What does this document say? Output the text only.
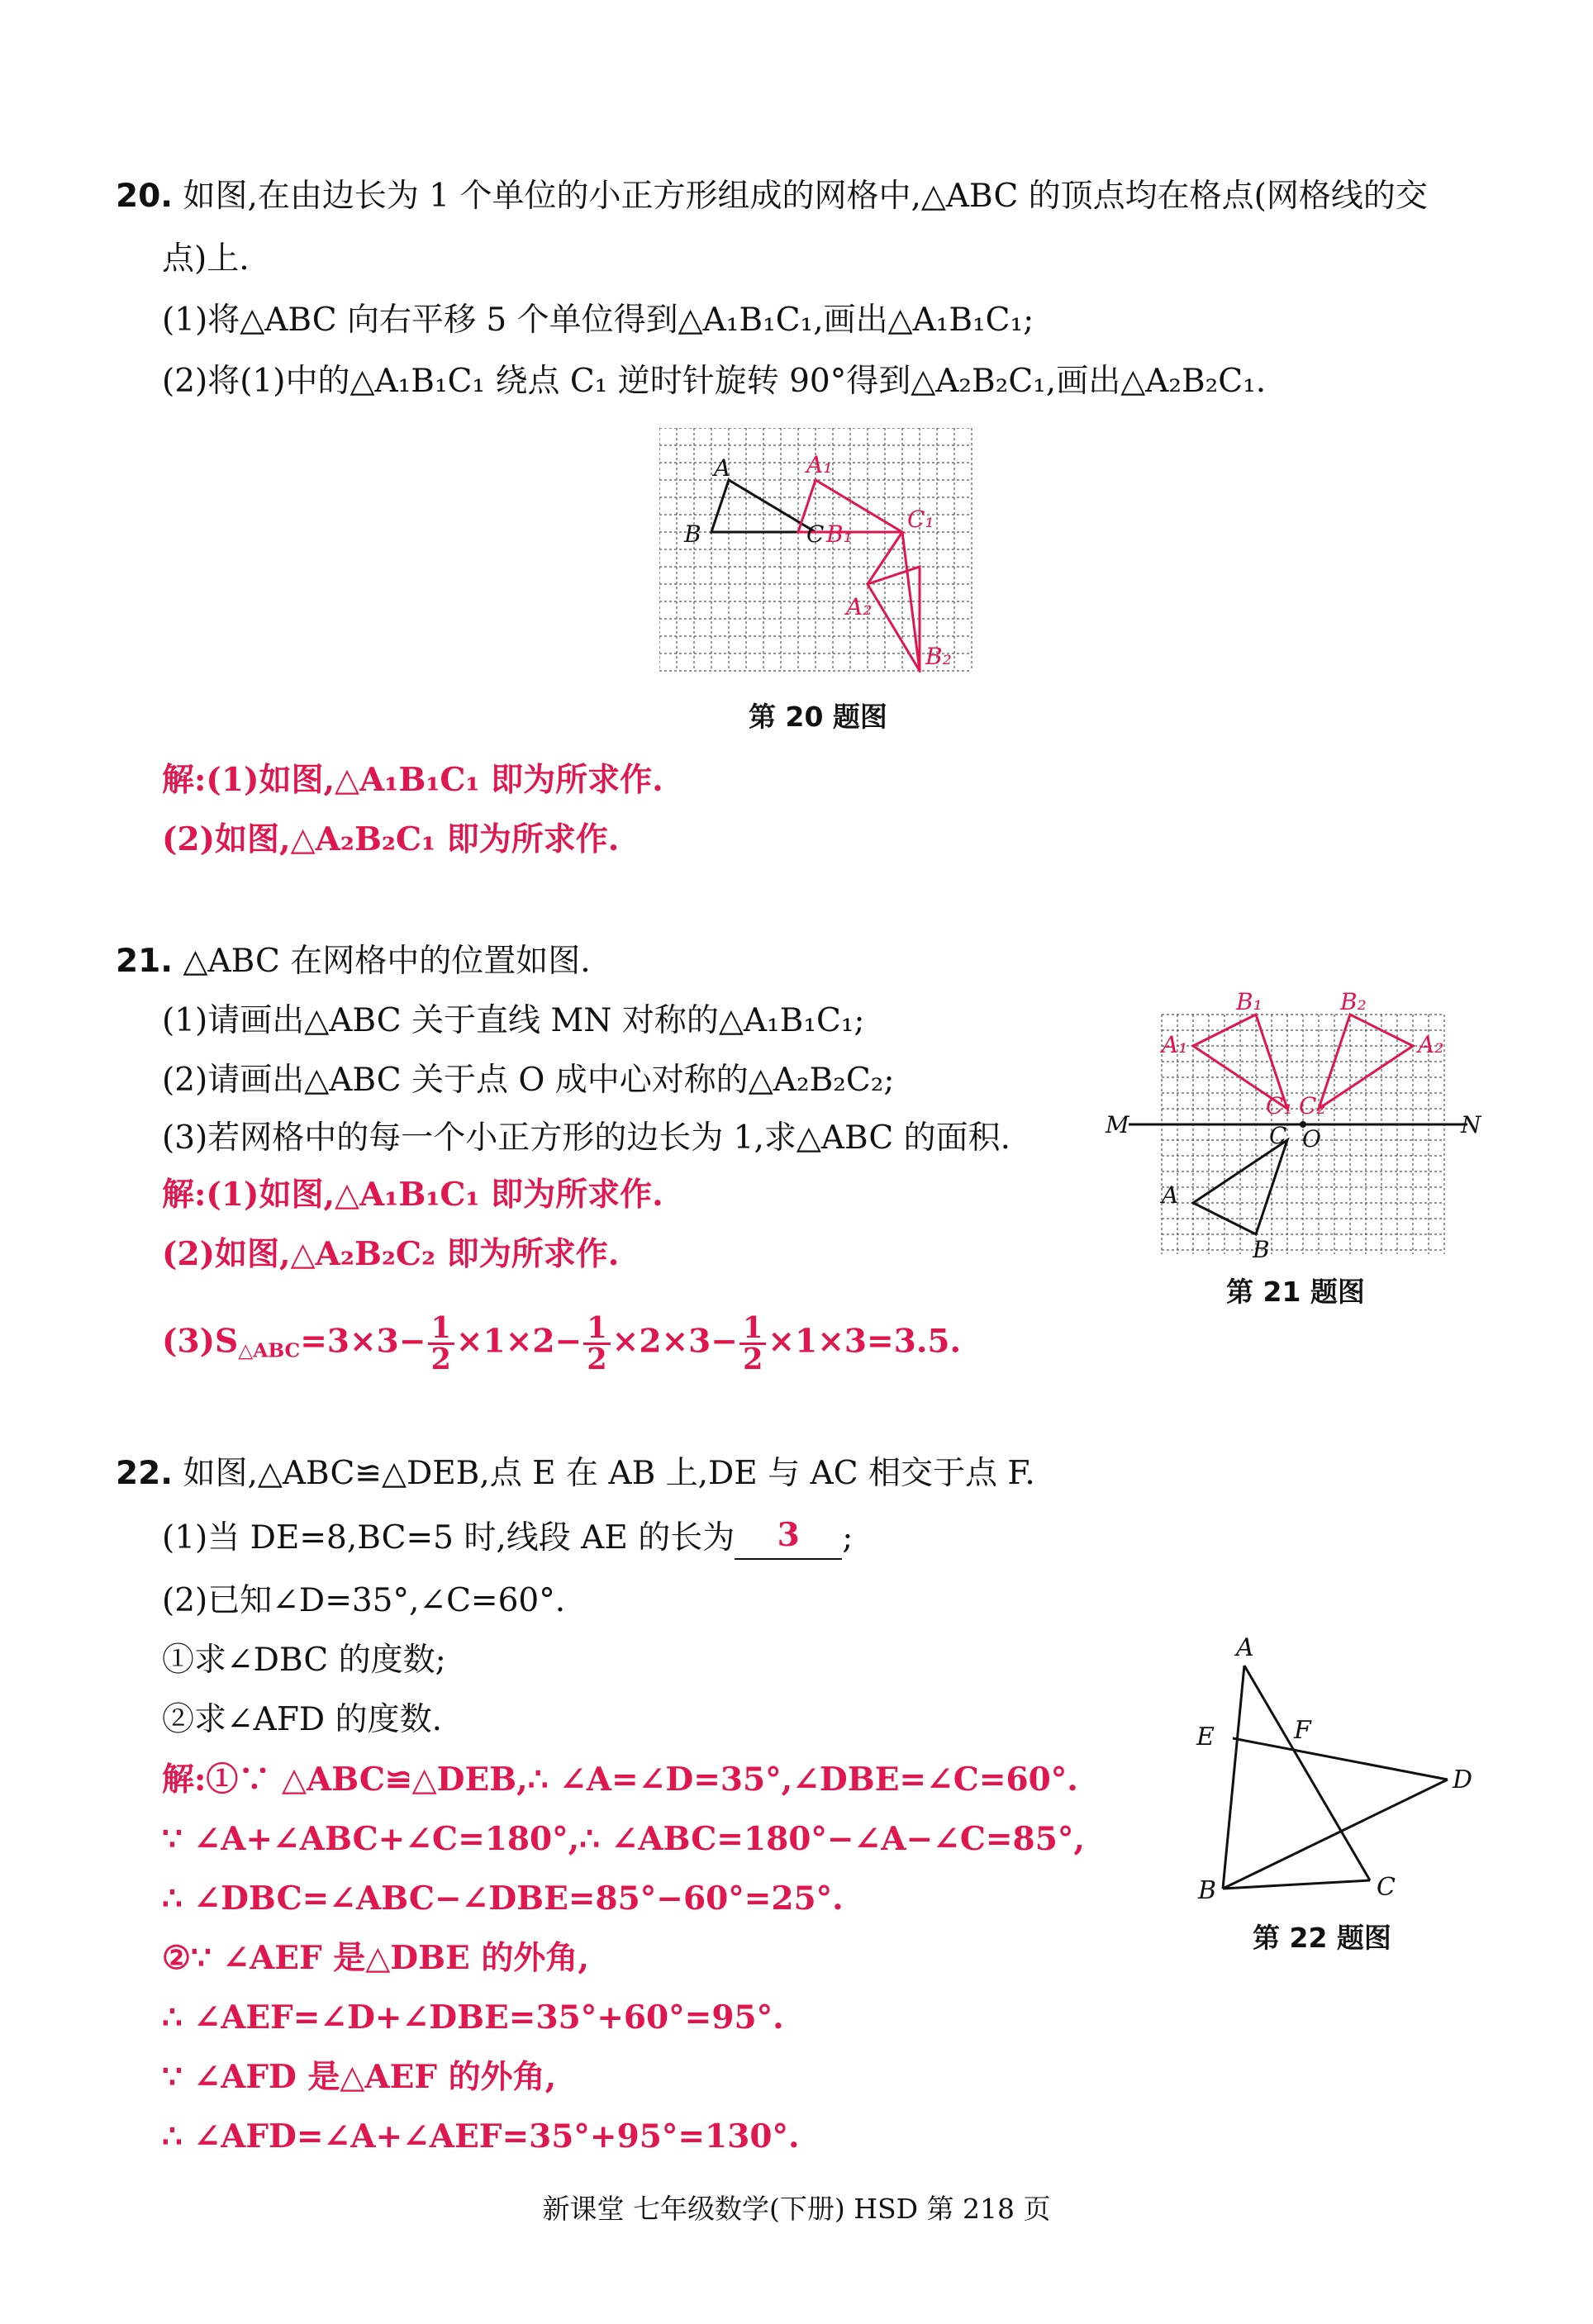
20. 如图,在由边长为 1 个单位的小正方形组成的网格中,△ABC 的顶点均在格点(网格线的交
点)上.
(1)将△ABC 向右平移 5 个单位得到△A₁B₁C₁,画出△A₁B₁C₁;
(2)将(1)中的△A₁B₁C₁ 绕点 C₁ 逆时针旋转 90°得到△A₂B₂C₁,画出△A₂B₂C₁.
A
B	C
A₁
B₁
C₁
A₂
B₂
第 20 题图
解:(1)如图,△A₁B₁C₁ 即为所求作.
(2)如图,△A₂B₂C₁ 即为所求作.
21. △ABC 在网格中的位置如图.
(1)请画出△ABC 关于直线 MN 对称的△A₁B₁C₁;
(2)请画出△ABC 关于点 O 成中心对称的△A₂B₂C₂;
(3)若网格中的每一个小正方形的边长为 1,求△ABC 的面积.
解:(1)如图,△A₁B₁C₁ 即为所求作.
(2)如图,△A₂B₂C₂ 即为所求作.
$(3)S_{\triangle ABC}=3\times 3- \frac{1}{2} \times 1\times 2- \frac{1}{2} \times 2\times 3- \frac{1}{2} \times 1\times 3=3.5$.
M	N
O
A
B
C
A₁
B₁
C₁
A₂
B₂
C₂
第 21 题图
22. 如图,△ABC≌△DEB,点 E 在 AB 上,DE 与 AC 相交于点 F.
(1)当 DE=8,BC=5 时,线段 AE 的长为	3	;
(2)已知∠D=35°,∠C=60°.
①求∠DBC 的度数;
②求∠AFD 的度数.
解:①∵ △ABC≌△DEB,∴ ∠A=∠D=35°,∠DBE=∠C=60°.
∵ ∠A+∠ABC+∠C=180°,∴ ∠ABC=180°−∠A−∠C=85°,
∴ ∠DBC=∠ABC−∠DBE=85°−60°=25°.
②∵ ∠AEF 是△DBE 的外角,
∴ ∠AEF=∠D+∠DBE=35°+60°=95°.
∵ ∠AFD 是△AEF 的外角,
∴ ∠AFD=∠A+∠AEF=35°+95°=130°.
A
E	F
D
B	C
第 22 题图
新课堂 七年级数学(下册) HSD 第 218 页
